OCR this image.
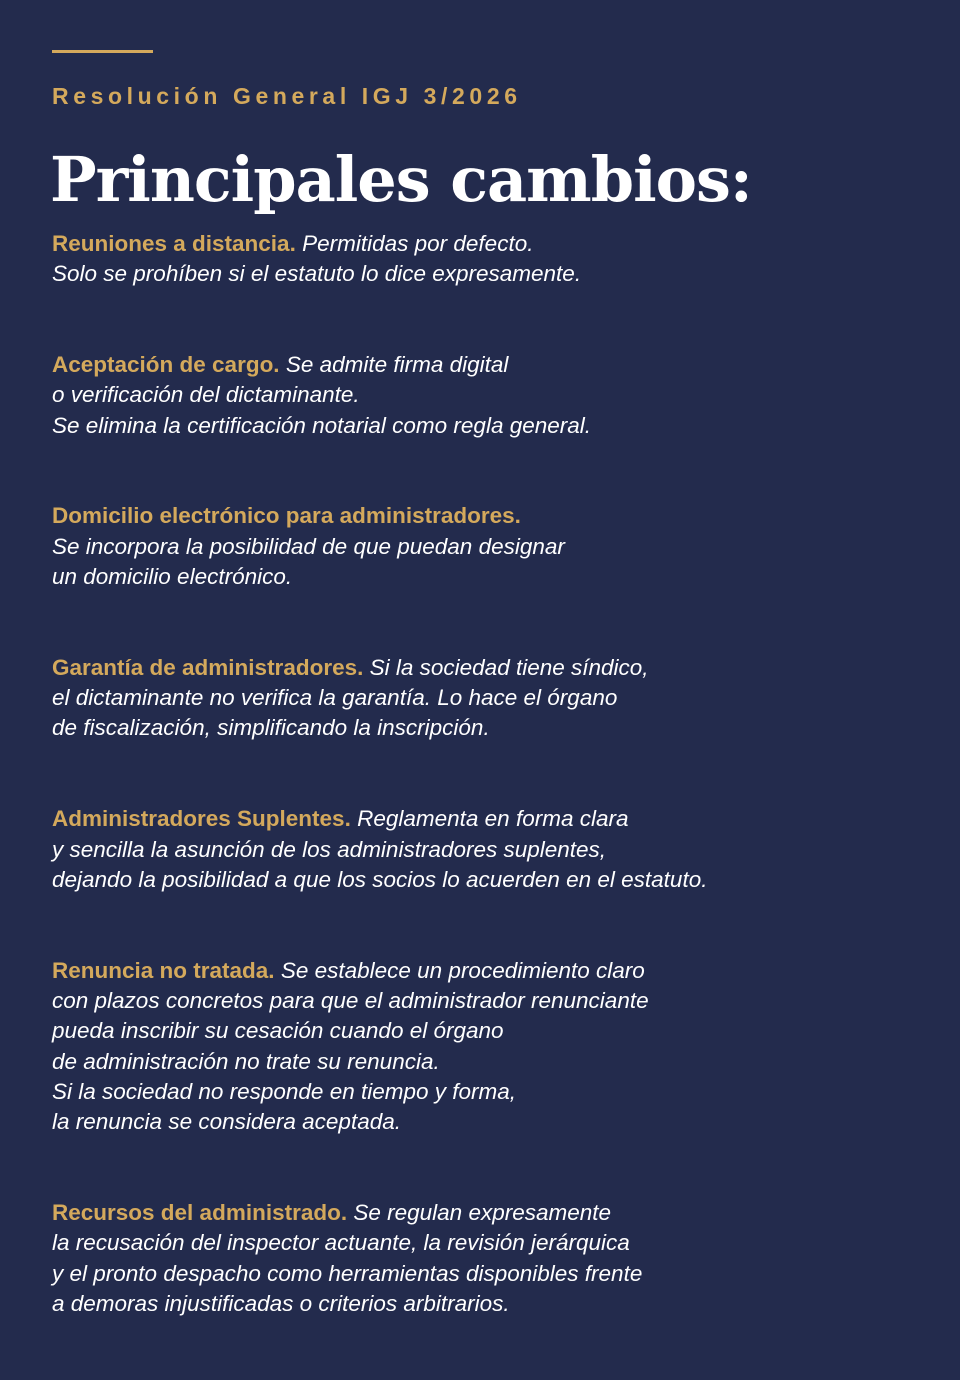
Resolución General IGJ 3/2026
Principales cambios:

Reuniones a distancia. Permitidas por defecto.
Solo se prohíben si el estatuto lo dice expresamente.

Aceptación de cargo. Se admite firma digital
o verificación del dictaminante.
Se elimina la certificación notarial como regla general.

Domicilio electrónico para administradores.
Se incorpora la posibilidad de que puedan designar
un domicilio electrónico.

Garantía de administradores. Si la sociedad tiene síndico,
el dictaminante no verifica la garantía. Lo hace el órgano
de fiscalización, simplificando la inscripción.

Administradores Suplentes. Reglamenta en forma clara
y sencilla la asunción de los administradores suplentes,
dejando la posibilidad a que los socios lo acuerden en el estatuto.

Renuncia no tratada. Se establece un procedimiento claro
con plazos concretos para que el administrador renunciante
pueda inscribir su cesación cuando el órgano
de administración no trate su renuncia.
Si la sociedad no responde en tiempo y forma,
la renuncia se considera aceptada.

Recursos del administrado. Se regulan expresamente
la recusación del inspector actuante, la revisión jerárquica
y el pronto despacho como herramientas disponibles frente
a demoras injustificadas o criterios arbitrarios.
